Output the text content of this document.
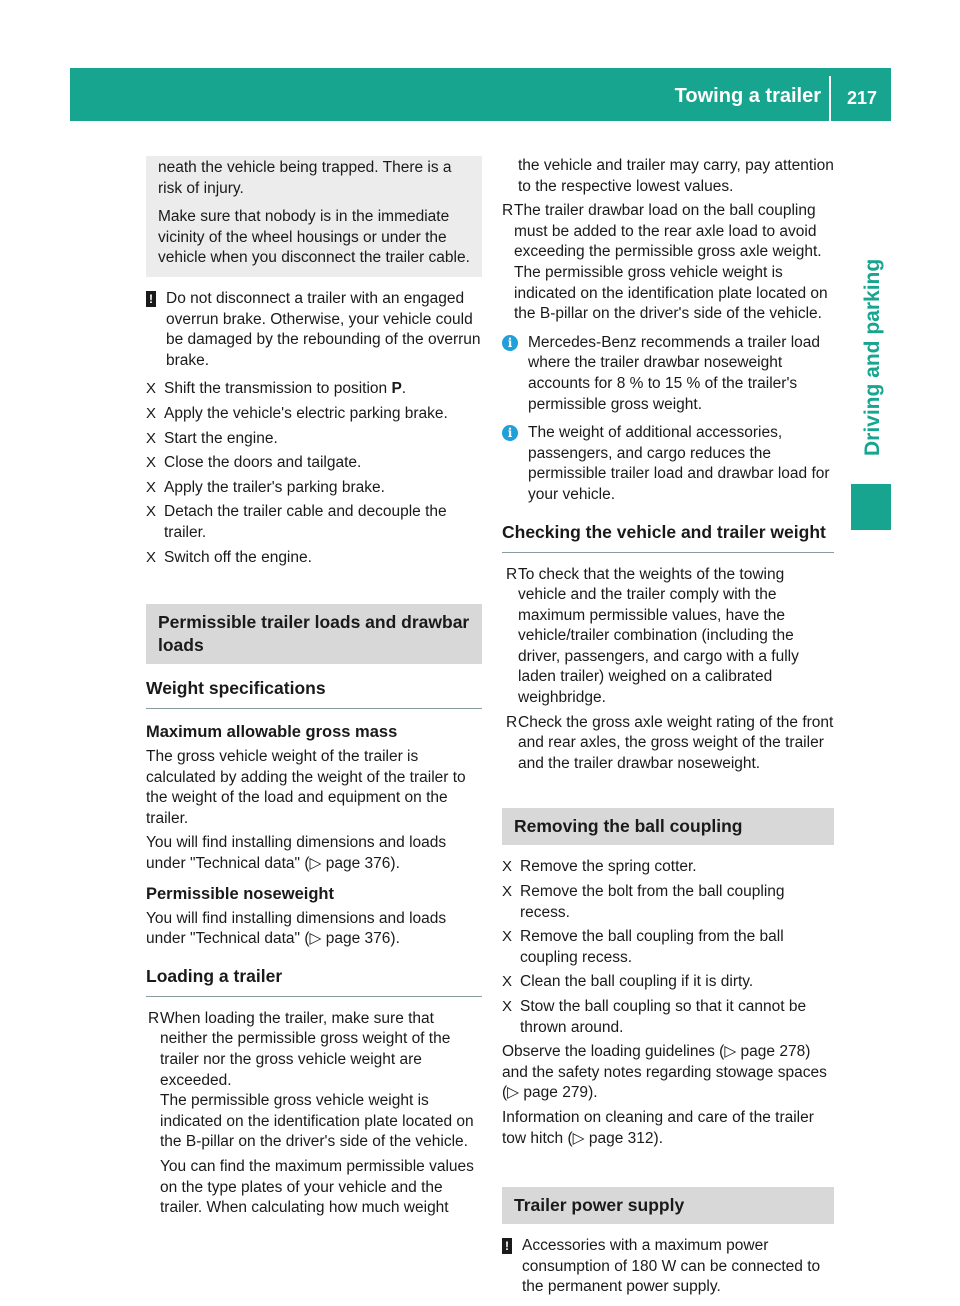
Towing a trailer 217
Driving and parking

neath the vehicle being trapped. There is a risk of injury.

Make sure that nobody is in the immediate vicinity of the wheel housings or under the vehicle when you disconnect the trailer cable.

! Do not disconnect a trailer with an engaged overrun brake. Otherwise, your vehicle could be damaged by the rebounding of the overrun brake.
X Shift the transmission to position P.
X Apply the vehicle's electric parking brake.
X Start the engine.
X Close the doors and tailgate.
X Apply the trailer's parking brake.
X Detach the trailer cable and decouple the trailer.
X Switch off the engine.
Permissible trailer loads and drawbar loads
Weight specifications
Maximum allowable gross mass

The gross vehicle weight of the trailer is calculated by adding the weight of the trailer to the weight of the load and equipment on the trailer.

You will find installing dimensions and loads under "Technical data" (▷ page 376).

Permissible noseweight

You will find installing dimensions and loads under "Technical data" (▷ page 376).

Loading a trailer
R When loading the trailer, make sure that neither the permissible gross weight of the trailer nor the gross vehicle weight are exceeded.
The permissible gross vehicle weight is indicated on the identification plate located on the B-pillar on the driver's side of the vehicle.
You can find the maximum permissible values on the type plates of your vehicle and the trailer. When calculating how much weight

the vehicle and trailer may carry, pay attention to the respective lowest values.

R The trailer drawbar load on the ball coupling must be added to the rear axle load to avoid exceeding the permissible gross axle weight. The permissible gross vehicle weight is indicated on the identification plate located on the B-pillar on the driver's side of the vehicle.
i	Mercedes-Benz recommends a trailer load where the trailer drawbar noseweight accounts for 8 % to 15 % of the trailer's permissible gross weight.
i	The weight of additional accessories, passengers, and cargo reduces the permissible trailer load and drawbar load for your vehicle.
Checking the vehicle and trailer weight
R To check that the weights of the towing vehicle and the trailer comply with the maximum permissible values, have the vehicle/trailer combination (including the driver, passengers, and cargo with a fully laden trailer) weighed on a calibrated weighbridge.
R Check the gross axle weight rating of the front and rear axles, the gross weight of the trailer and the trailer drawbar noseweight.
Removing the ball coupling
X Remove the spring cotter.
X Remove the bolt from the ball coupling recess.
X Remove the ball coupling from the ball coupling recess.
X Clean the ball coupling if it is dirty.
X Stow the ball coupling so that it cannot be thrown around.

Observe the loading guidelines (▷ page 278) and the safety notes regarding stowage spaces (▷ page 279).

Information on cleaning and care of the trailer tow hitch (▷ page 312).

Trailer power supply
! Accessories with a maximum power consumption of 180 W can be connected to the permanent power supply.
